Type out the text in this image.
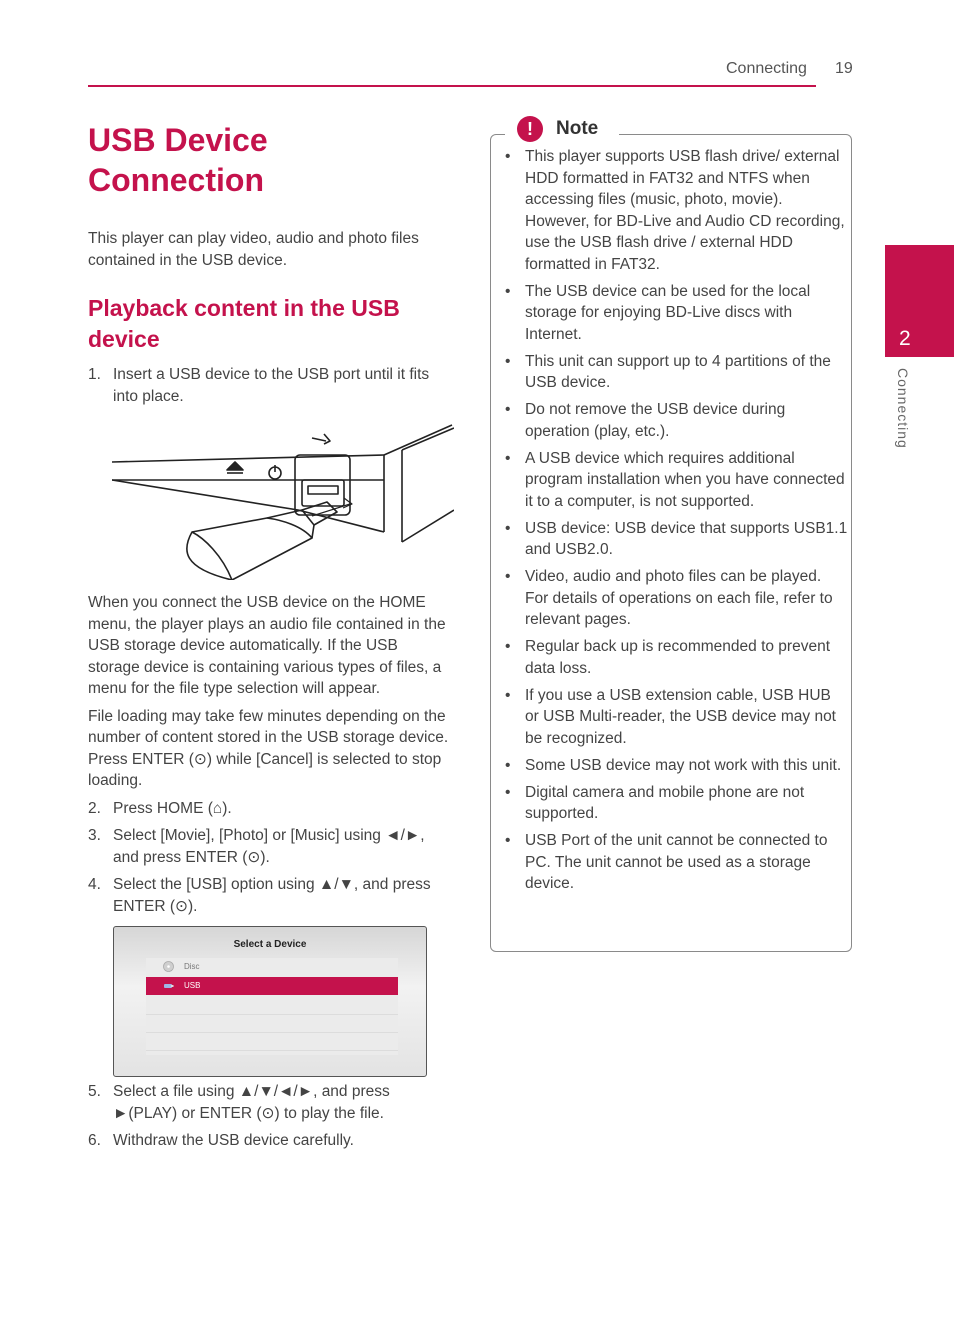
Connecting 19
2
Connecting
USB Device Connection

This player can play video, audio and photo files contained in the USB device.

Playback content in the USB device
1. Insert a USB device to the USB port until it fits into place.

When you connect the USB device on the HOME menu, the player plays an audio file contained in the USB storage device automatically. If the USB storage device is containing various types of files, a menu for the file type selection will appear.

File loading may take few minutes depending on the number of content stored in the USB storage device. Press ENTER (⊙) while [Cancel] is selected to stop loading.

2. Press HOME (⌂).
3. Select [Movie], [Photo] or [Music] using ◄/►, and press ENTER (⊙).
4. Select the [USB] option using ▲/▼, and press ENTER (⊙).
Select a Device
Disc
USB
5. Select a file using ▲/▼/◄/►, and press ►(PLAY) or ENTER (⊙) to play the file.
6. Withdraw the USB device carefully.
!	Note
• This player supports USB flash drive/ external HDD formatted in FAT32 and NTFS when accessing files (music, photo, movie). However, for BD-Live and Audio CD recording, use the USB flash drive / external HDD formatted in FAT32.
• The USB device can be used for the local storage for enjoying BD-Live discs with Internet.
• This unit can support up to 4 partitions of the USB device.
• Do not remove the USB device during operation (play, etc.).
• A USB device which requires additional program installation when you have connected it to a computer, is not supported.
• USB device: USB device that supports USB1.1 and USB2.0.
• Video, audio and photo files can be played. For details of operations on each file, refer to relevant pages.
• Regular back up is recommended to prevent data loss.
• If you use a USB extension cable, USB HUB or USB Multi-reader, the USB device may not be recognized.
• Some USB device may not work with this unit.
• Digital camera and mobile phone are not supported.
• USB Port of the unit cannot be connected to PC. The unit cannot be used as a storage device.
